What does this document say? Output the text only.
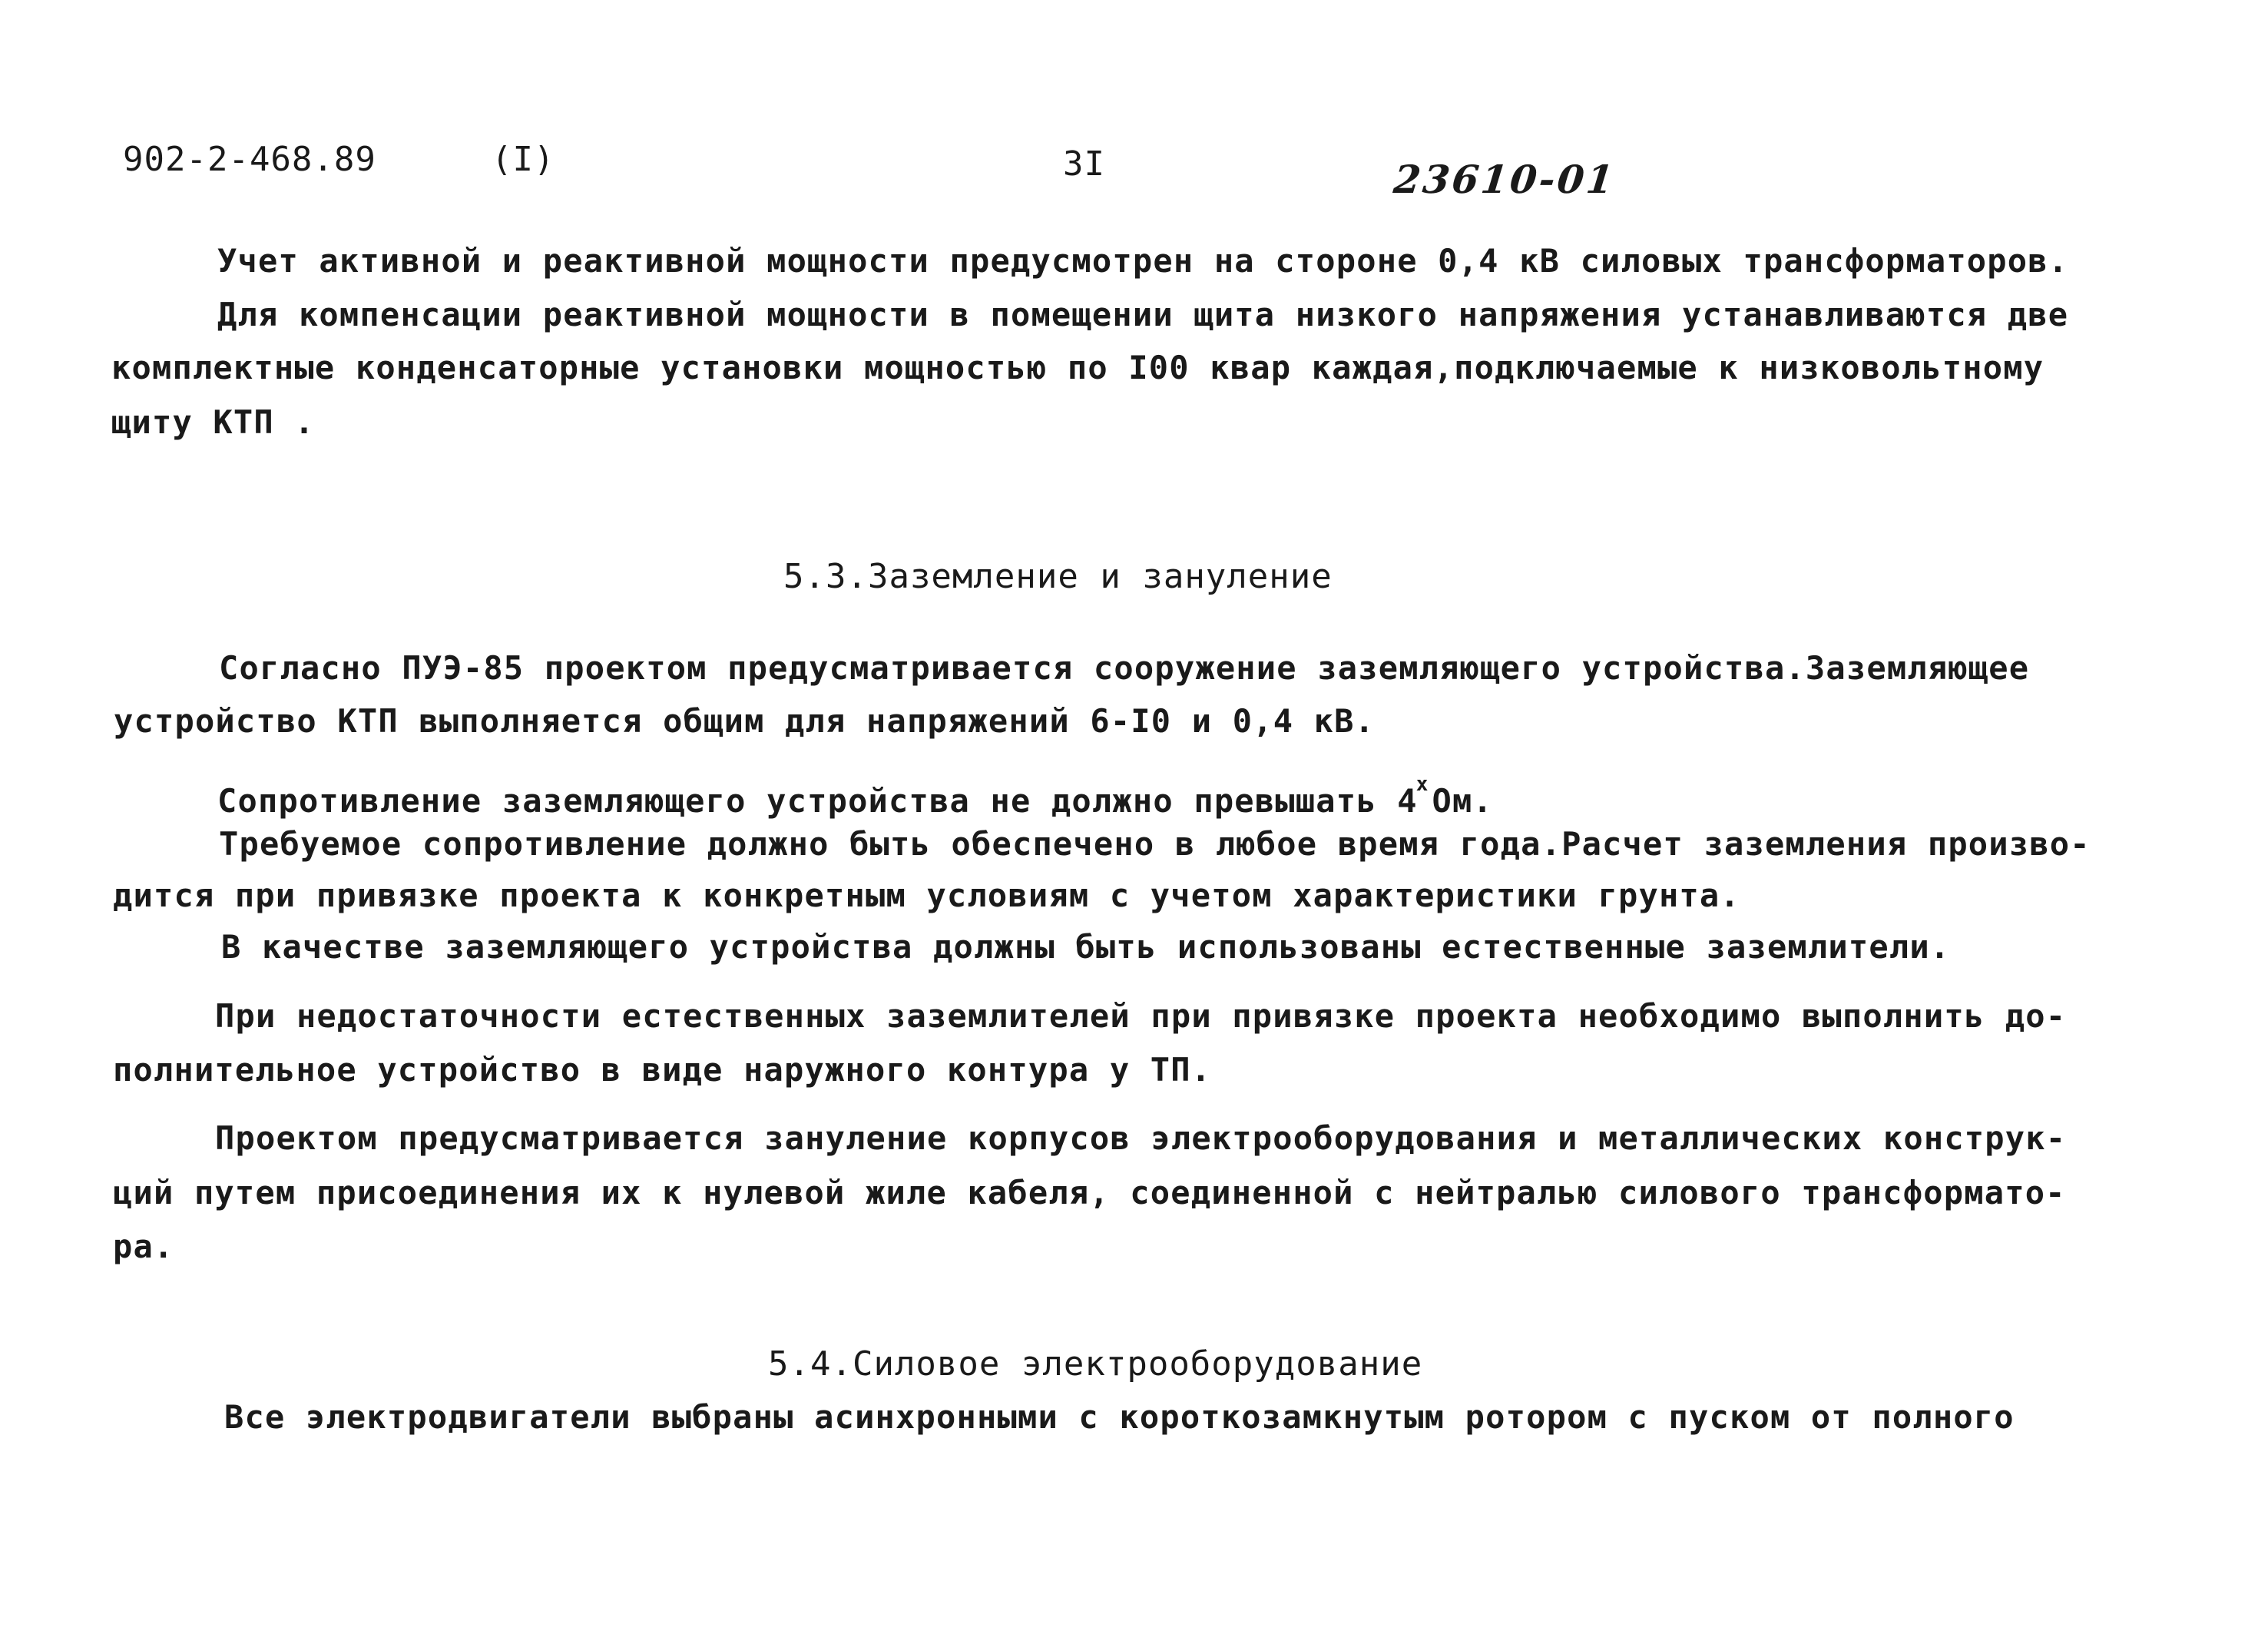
902-2-468.89	(I)	3I	23610-01
Учет активной и реактивной мощности предусмотрен на стороне 0,4 кВ силовых трансформаторов.
Для компенсации реактивной мощности в помещении щита низкого напряжения устанавливаются две
комплектные конденсаторные установки мощностью по I00 квар каждая,подключаемые к низковольтному
щиту КТП .
5.3.Заземление и зануление
Согласно ПУЭ-85 проектом предусматривается сооружение заземляющего устройства.Заземляющее
устройство КТП выполняется общим для напряжений 6-I0 и 0,4 кВ.
Сопротивление заземляющего устройства не должно превышать 4$^x$Ом.
Требуемое сопротивление должно быть обеспечено в любое время года.Расчет заземления произво-
дится при привязке проекта к конкретным условиям с учетом характеристики грунта.
В качестве заземляющего устройства должны быть использованы естественные заземлители.
При недостаточности естественных заземлителей при привязке проекта необходимо выполнить до-
полнительное устройство в виде наружного контура у ТП.
Проектом предусматривается зануление корпусов электрооборудования и металлических конструк-
ций путем присоединения их к нулевой жиле кабеля, соединенной с нейтралью силового трансформато-
ра.
5.4.Силовое электрооборудование
Все электродвигатели выбраны асинхронными с короткозамкнутым ротором с пуском от полного
